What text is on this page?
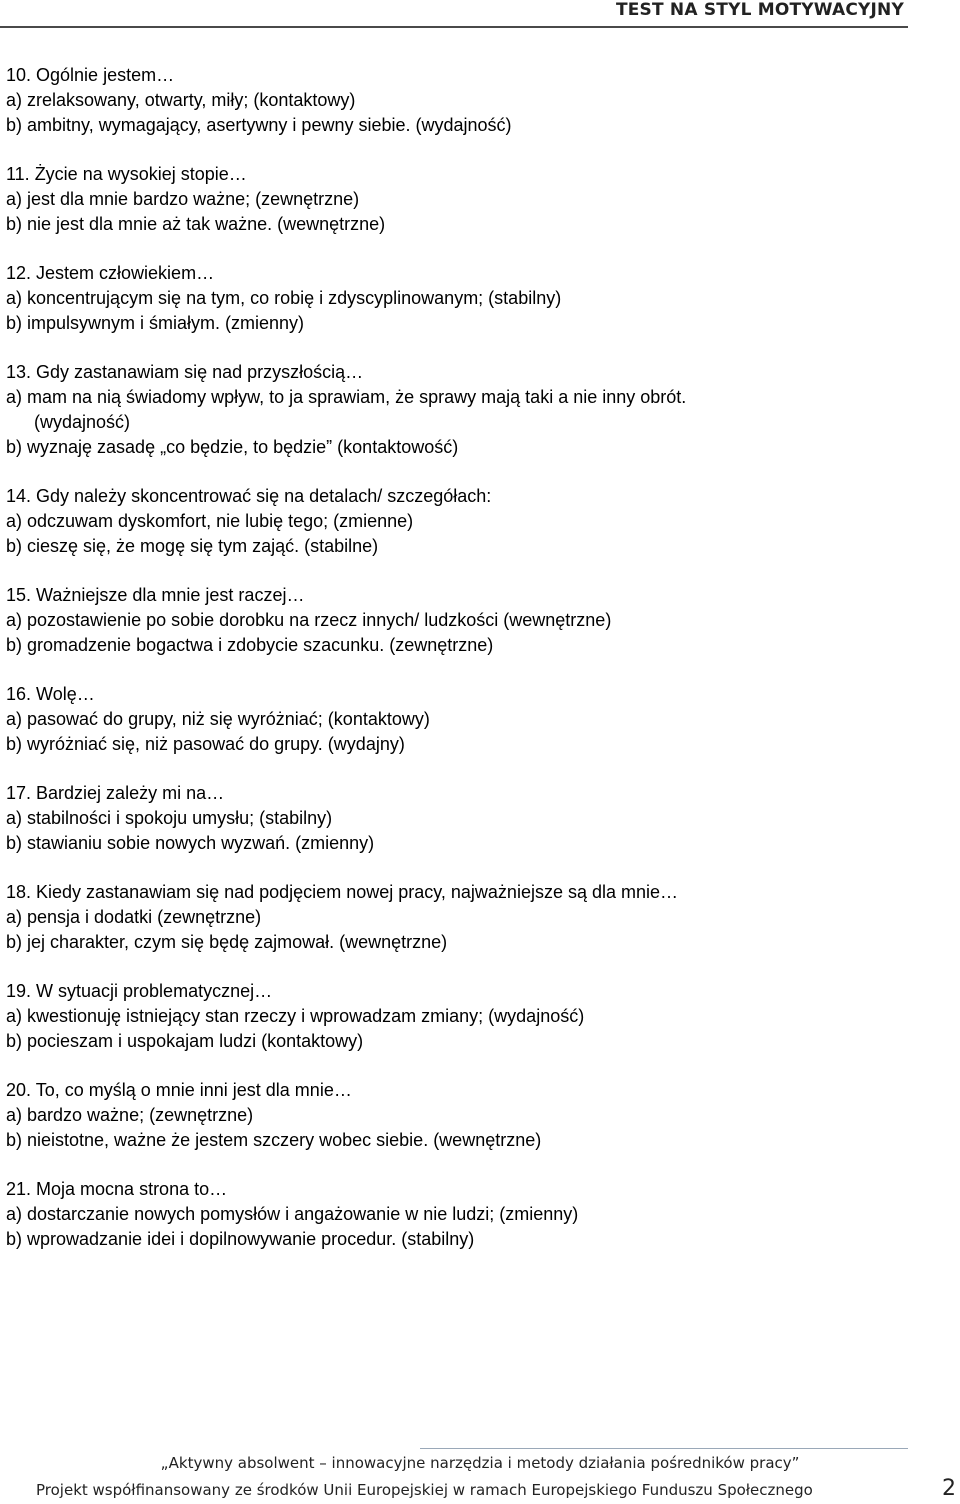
TEST NA STYL MOTYWACYJNY
10. Ogólnie jestem…
a) zrelaksowany, otwarty, miły; (kontaktowy)
b) ambitny, wymagający, asertywny i pewny siebie. (wydajność)
11. Życie na wysokiej stopie…
a) jest dla mnie bardzo ważne; (zewnętrzne)
b) nie jest dla mnie aż tak ważne. (wewnętrzne)
12. Jestem człowiekiem…
a) koncentrującym się na tym, co robię i zdyscyplinowanym; (stabilny)
b) impulsywnym i śmiałym. (zmienny)
13. Gdy zastanawiam się nad przyszłością…
a) mam na nią świadomy wpływ, to ja sprawiam, że sprawy mają taki a nie inny obrót.
(wydajność)
b) wyznaję zasadę „co będzie, to będzie” (kontaktowość)
14. Gdy należy skoncentrować się na detalach/ szczegółach:
a) odczuwam dyskomfort, nie lubię tego; (zmienne)
b) cieszę się, że mogę się tym zająć. (stabilne)
15. Ważniejsze dla mnie jest raczej…
a) pozostawienie po sobie dorobku na rzecz innych/ ludzkości (wewnętrzne)
b) gromadzenie bogactwa i zdobycie szacunku. (zewnętrzne)
16. Wolę…
a) pasować do grupy, niż się wyróżniać; (kontaktowy)
b) wyróżniać się, niż pasować do grupy. (wydajny)
17. Bardziej zależy mi na…
a) stabilności i spokoju umysłu; (stabilny)
b) stawianiu sobie nowych wyzwań. (zmienny)
18. Kiedy zastanawiam się nad podjęciem nowej pracy, najważniejsze są dla mnie…
a) pensja i dodatki (zewnętrzne)
b) jej charakter, czym się będę zajmował. (wewnętrzne)
19. W sytuacji problematycznej…
a) kwestionuję istniejący stan rzeczy i wprowadzam zmiany; (wydajność)
b) pocieszam i uspokajam ludzi (kontaktowy)
20. To, co myślą o mnie inni jest dla mnie…
a) bardzo ważne; (zewnętrzne)
b) nieistotne, ważne że jestem szczery wobec siebie. (wewnętrzne)
21. Moja mocna strona to…
a) dostarczanie nowych pomysłów i angażowanie w nie ludzi; (zmienny)
b) wprowadzanie idei i dopilnowywanie procedur. (stabilny)
„Aktywny absolwent – innowacyjne narzędzia i metody działania pośredników pracy”
Projekt współfinansowany ze środków Unii Europejskiej w ramach Europejskiego Funduszu Społecznego	2
